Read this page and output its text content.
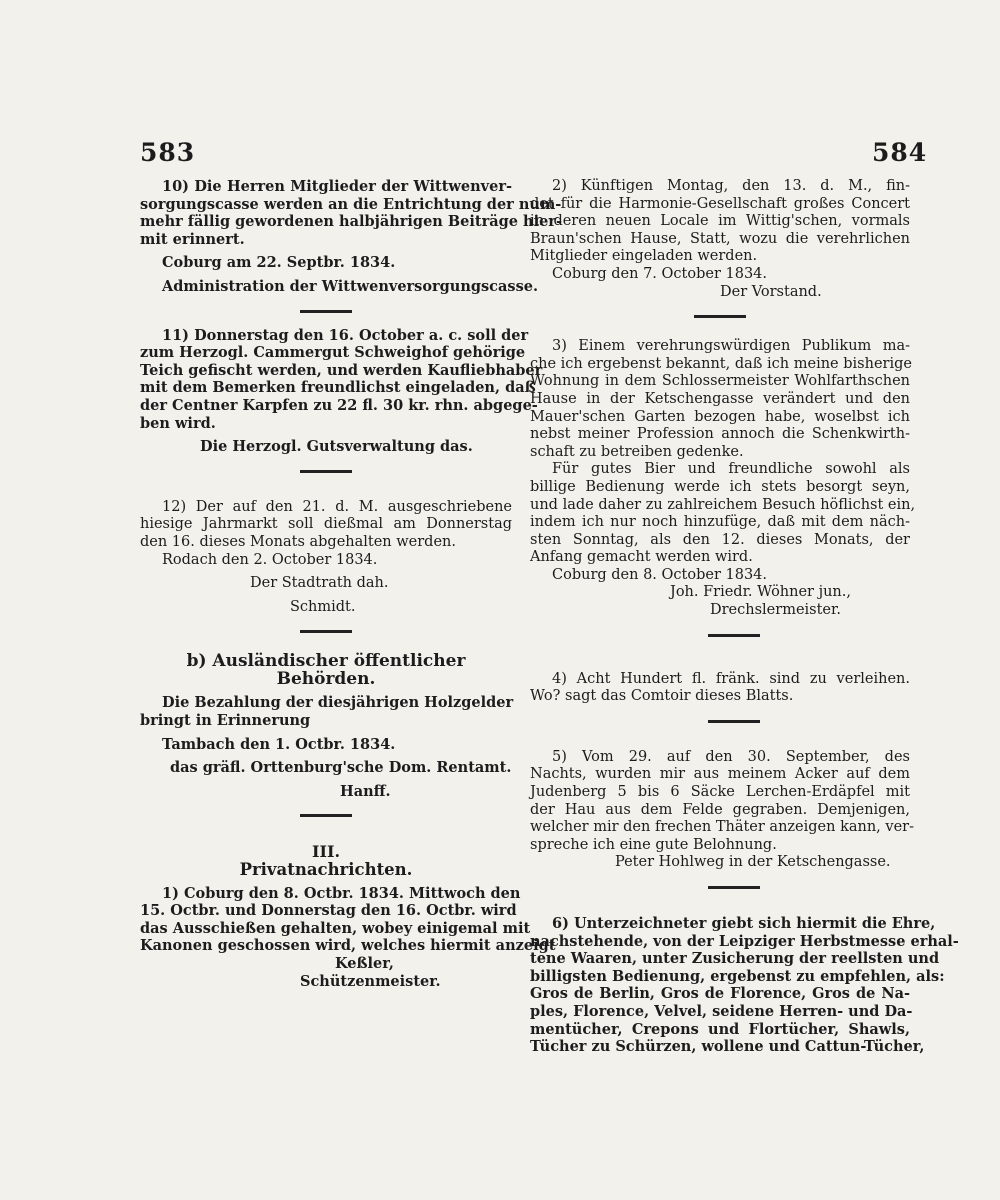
583	584
10) Die Herren Mitglieder der Wittwenver-
sorgungscasse werden an die Entrichtung der num-
mehr fällig gewordenen halbjährigen Beiträge hier-
mit erinnert.
Coburg am 22. Septbr. 1834.
Administration der Wittwenversorgungscasse.
11) Donnerstag den 16. October a. c. soll der
zum Herzogl. Cammergut Schweighof gehörige
Teich gefischt werden, und werden Kaufliebhaber
mit dem Bemerken freundlichst eingeladen, daß
der Centner Karpfen zu 22 fl. 30 kr. rhn. abgege-
ben wird.
Die Herzogl. Gutsverwaltung das.
12) Der auf den 21. d. M. ausgeschriebene
hiesige Jahrmarkt soll dießmal am Donnerstag
den 16. dieses Monats abgehalten werden.
Rodach den 2. October 1834.
Der Stadtrath dah.
Schmidt.
b) Ausländischer öffentlicher Behörden.
Die Bezahlung der diesjährigen Holzgelder
bringt in Erinnerung
Tambach den 1. Octbr. 1834.
das gräfl. Orttenburg'sche Dom. Rentamt.
Hanff.
III.
Privatnachrichten.
1) Coburg den 8. Octbr. 1834. Mittwoch den
15. Octbr. und Donnerstag den 16. Octbr. wird
das Ausschießen gehalten, wobey einigemal mit
Kanonen geschossen wird, welches hiermit anzeigt
Keßler,
Schützenmeister.
2) Künftigen Montag, den 13. d. M., fin-
det für die Harmonie-Gesellschaft großes Concert
in deren neuen Locale im Wittig'schen, vormals
Braun'schen Hause, Statt, wozu die verehrlichen
Mitglieder eingeladen werden.
Coburg den 7. October 1834.
Der Vorstand.
3) Einem verehrungswürdigen Publikum ma-
che ich ergebenst bekannt, daß ich meine bisherige
Wohnung in dem Schlossermeister Wohlfarthschen
Hause in der Ketschengasse verändert und den
Mauer'schen Garten bezogen habe, woselbst ich
nebst meiner Profession annoch die Schenkwirth-
schaft zu betreiben gedenke.
Für gutes Bier und freundliche sowohl als
billige Bedienung werde ich stets besorgt seyn,
und lade daher zu zahlreichem Besuch höflichst ein,
indem ich nur noch hinzufüge, daß mit dem näch-
sten Sonntag, als den 12. dieses Monats, der
Anfang gemacht werden wird.
Coburg den 8. October 1834.
Joh. Friedr. Wöhner jun.,
Drechslermeister.
4) Acht Hundert fl. fränk. sind zu verleihen.
Wo? sagt das Comtoir dieses Blatts.
5) Vom 29. auf den 30. September, des
Nachts, wurden mir aus meinem Acker auf dem
Judenberg 5 bis 6 Säcke Lerchen-Erdäpfel mit
der Hau aus dem Felde gegraben. Demjenigen,
welcher mir den frechen Thäter anzeigen kann, ver-
spreche ich eine gute Belohnung.
Peter Hohlweg in der Ketschengasse.
6) Unterzeichneter giebt sich hiermit die Ehre,
nachstehende, von der Leipziger Herbstmesse erhal-
tene Waaren, unter Zusicherung der reellsten und
billigsten Bedienung, ergebenst zu empfehlen, als:
Gros de Berlin, Gros de Florence, Gros de Na-
ples, Florence, Velvel, seidene Herren- und Da-
mentücher, Crepons und Flortücher, Shawls,
Tücher zu Schürzen, wollene und Cattun-Tücher,
